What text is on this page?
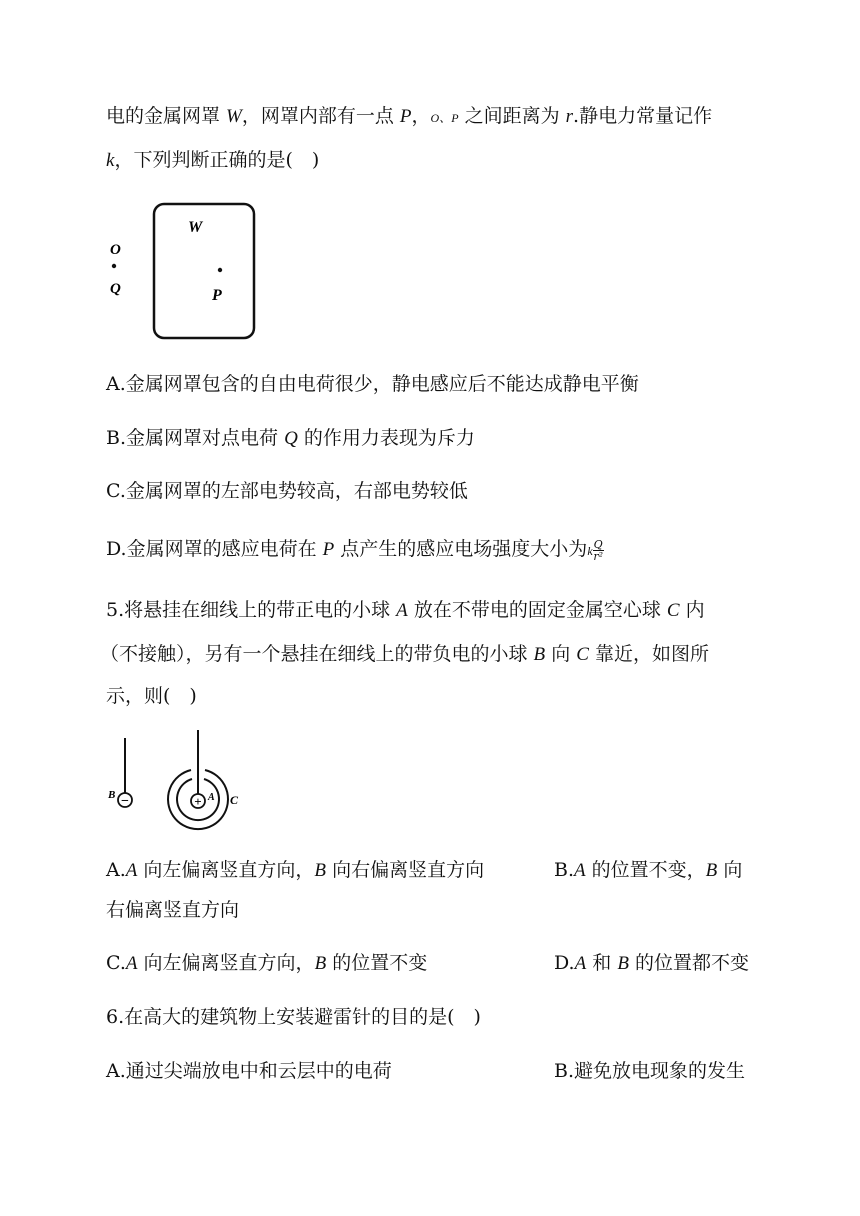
电的金属网罩 W，网罩内部有一点 P，O、P 之间距离为 r.静电力常量记作
k，下列判断正确的是(　)
W
O
Q	P
A.金属网罩包含的自由电荷很少，静电感应后不能达成静电平衡
B.金属网罩对点电荷 Q 的作用力表现为斥力
C.金属网罩的左部电势较高，右部电势较低
D.金属网罩的感应电荷在 P 点产生的感应电场强度大小为k $\frac{Q}{\text{r²}}$
5.将悬挂在细线上的带正电的小球 A 放在不带电的固定金属空心球 C 内
（不接触），另有一个悬挂在细线上的带负电的小球 B 向 C 靠近，如图所
示，则(　)
−
B	+ A C
A.A 向左偏离竖直方向，B 向右偏离竖直方向	B.A 的位置不变，B 向
右偏离竖直方向
C.A 向左偏离竖直方向，B 的位置不变	D.A 和 B 的位置都不变
6.在高大的建筑物上安装避雷针的目的是(　)
A.通过尖端放电中和云层中的电荷	B.避免放电现象的发生
